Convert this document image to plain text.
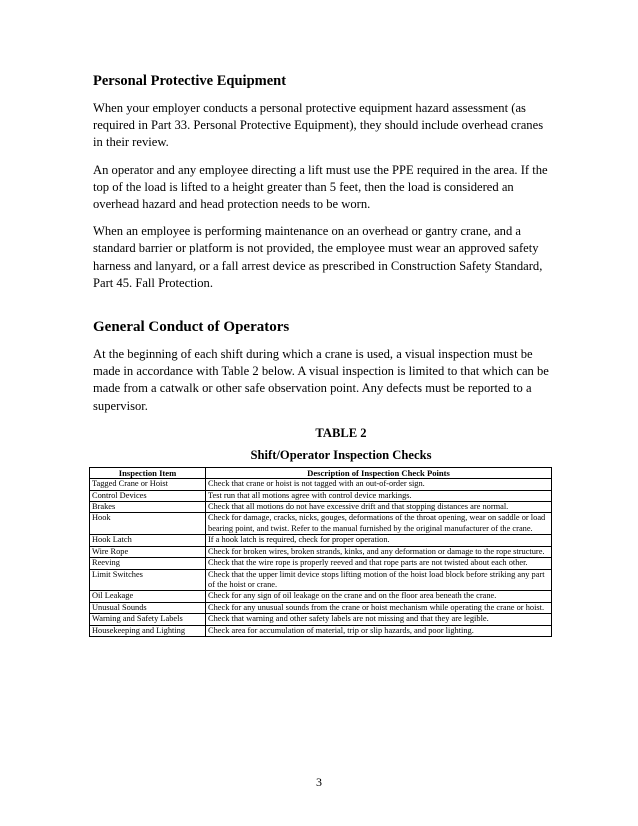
Personal Protective Equipment

When your employer conducts a personal protective equipment hazard assessment (as required in Part 33. Personal Protective Equipment), they should include overhead cranes in their review.

An operator and any employee directing a lift must use the PPE required in the area. If the top of the load is lifted to a height greater than 5 feet, then the load is considered an overhead hazard and head protection needs to be worn.

When an employee is performing maintenance on an overhead or gantry crane, and a standard barrier or platform is not provided, the employee must wear an approved safety harness and lanyard, or a fall arrest device as prescribed in Construction Safety Standard, Part 45. Fall Protection.

General Conduct of Operators

At the beginning of each shift during which a crane is used, a visual inspection must be made in accordance with Table 2 below. A visual inspection is limited to that which can be made from a catwalk or other safe observation point. Any defects must be reported to a supervisor.

TABLE 2
Shift/Operator Inspection Checks
Inspection Item	Description of Inspection Check Points
Tagged Crane or Hoist	Check that crane or hoist is not tagged with an out-of-order sign.
Control Devices	Test run that all motions agree with control device markings.
Brakes	Check that all motions do not have excessive drift and that stopping distances are normal.
Hook	Check for damage, cracks, nicks, gouges, deformations of the throat opening, wear on saddle or load bearing point, and twist. Refer to the manual furnished by the original manufacturer of the crane.
Hook Latch	If a hook latch is required, check for proper operation.
Wire Rope	Check for broken wires, broken strands, kinks, and any deformation or damage to the rope structure.
Reeving	Check that the wire rope is properly reeved and that rope parts are not twisted about each other.
Limit Switches	Check that the upper limit device stops lifting motion of the hoist load block before striking any part of the hoist or crane.
Oil Leakage	Check for any sign of oil leakage on the crane and on the floor area beneath the crane.
Unusual Sounds	Check for any unusual sounds from the crane or hoist mechanism while operating the crane or hoist.
Warning and Safety Labels	Check that warning and other safety labels are not missing and that they are legible.
Housekeeping and Lighting	Check area for accumulation of material, trip or slip hazards, and poor lighting.
3
